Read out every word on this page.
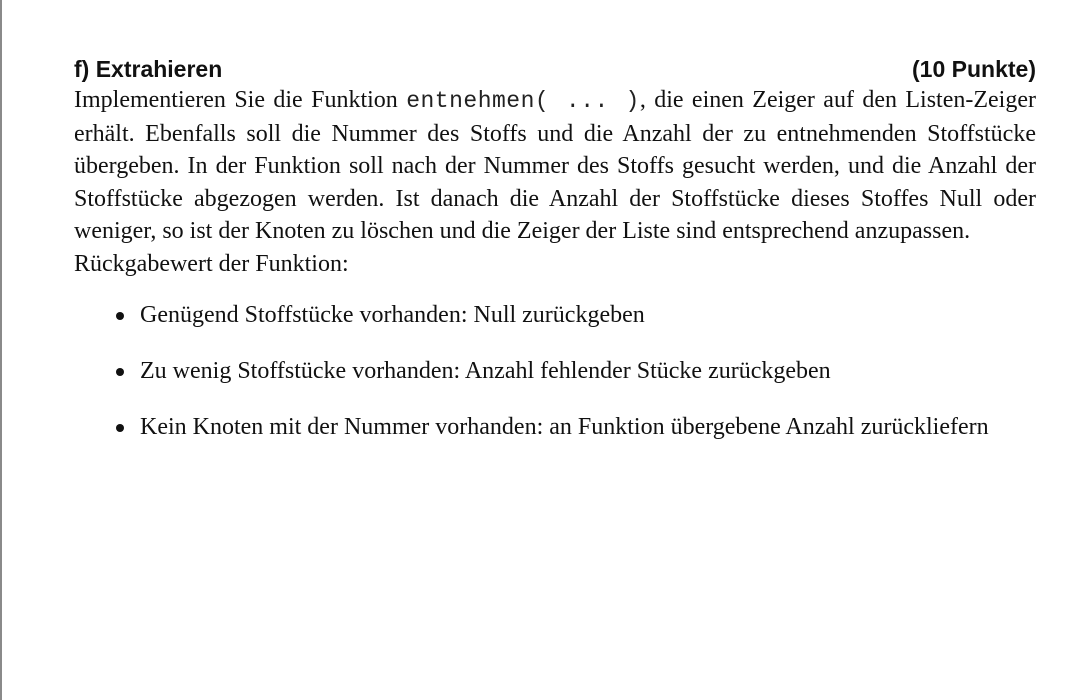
f) Extrahieren	(10 Punkte)

Implementieren Sie die Funktion entnehmen( ... ), die einen Zeiger auf den Listen-Zeiger erhält. Ebenfalls soll die Nummer des Stoffs und die Anzahl der zu entnehmenden Stoffstücke übergeben. In der Funktion soll nach der Nummer des Stoffs gesucht werden, und die Anzahl der Stoffstücke abgezogen werden. Ist danach die Anzahl der Stoffstücke dieses Stoffes Null oder weniger, so ist der Knoten zu löschen und die Zeiger der Liste sind entsprechend anzupassen.

Rückgabewert der Funktion:

Genügend Stoffstücke vorhanden: Null zurückgeben
Zu wenig Stoffstücke vorhanden: Anzahl fehlender Stücke zurückgeben
Kein Knoten mit der Nummer vorhanden: an Funktion übergebene Anzahl zurückliefern
